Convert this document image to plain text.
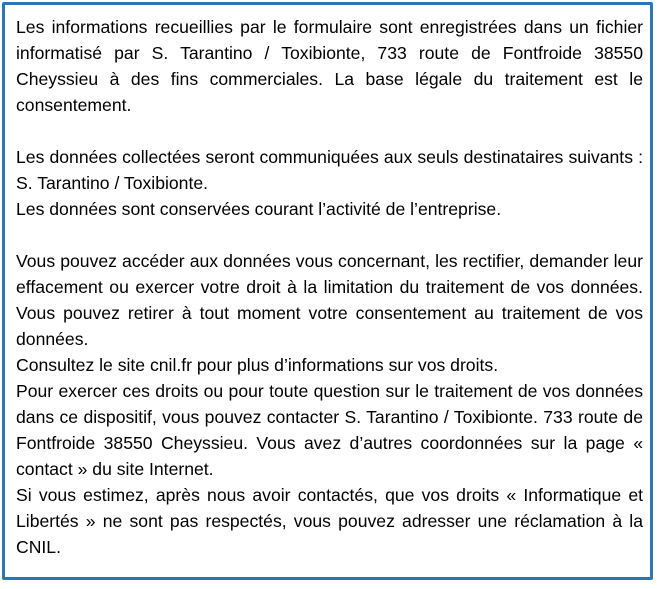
Les informations recueillies par le formulaire sont enregistrées dans un fichier informatisé par S. Tarantino / Toxibionte, 733 route de Fontfroide 38550 Cheyssieu à des fins commerciales. La base légale du traitement est le consentement.

Les données collectées seront communiquées aux seuls destinataires suivants : S. Tarantino / Toxibionte.

Les données sont conservées courant l’activité de l’entreprise.

Vous pouvez accéder aux données vous concernant, les rectifier, demander leur effacement ou exercer votre droit à la limitation du traitement de vos données. Vous pouvez retirer à tout moment votre consentement au traitement de vos données.

Consultez le site cnil.fr pour plus d’informations sur vos droits.

Pour exercer ces droits ou pour toute question sur le traitement de vos données dans ce dispositif, vous pouvez contacter S. Tarantino / Toxibionte. 733 route de Fontfroide 38550 Cheyssieu. Vous avez d’autres coordonnées sur la page « contact » du site Internet.

Si vous estimez, après nous avoir contactés, que vos droits « Informatique et Libertés » ne sont pas respectés, vous pouvez adresser une réclamation à la CNIL.
